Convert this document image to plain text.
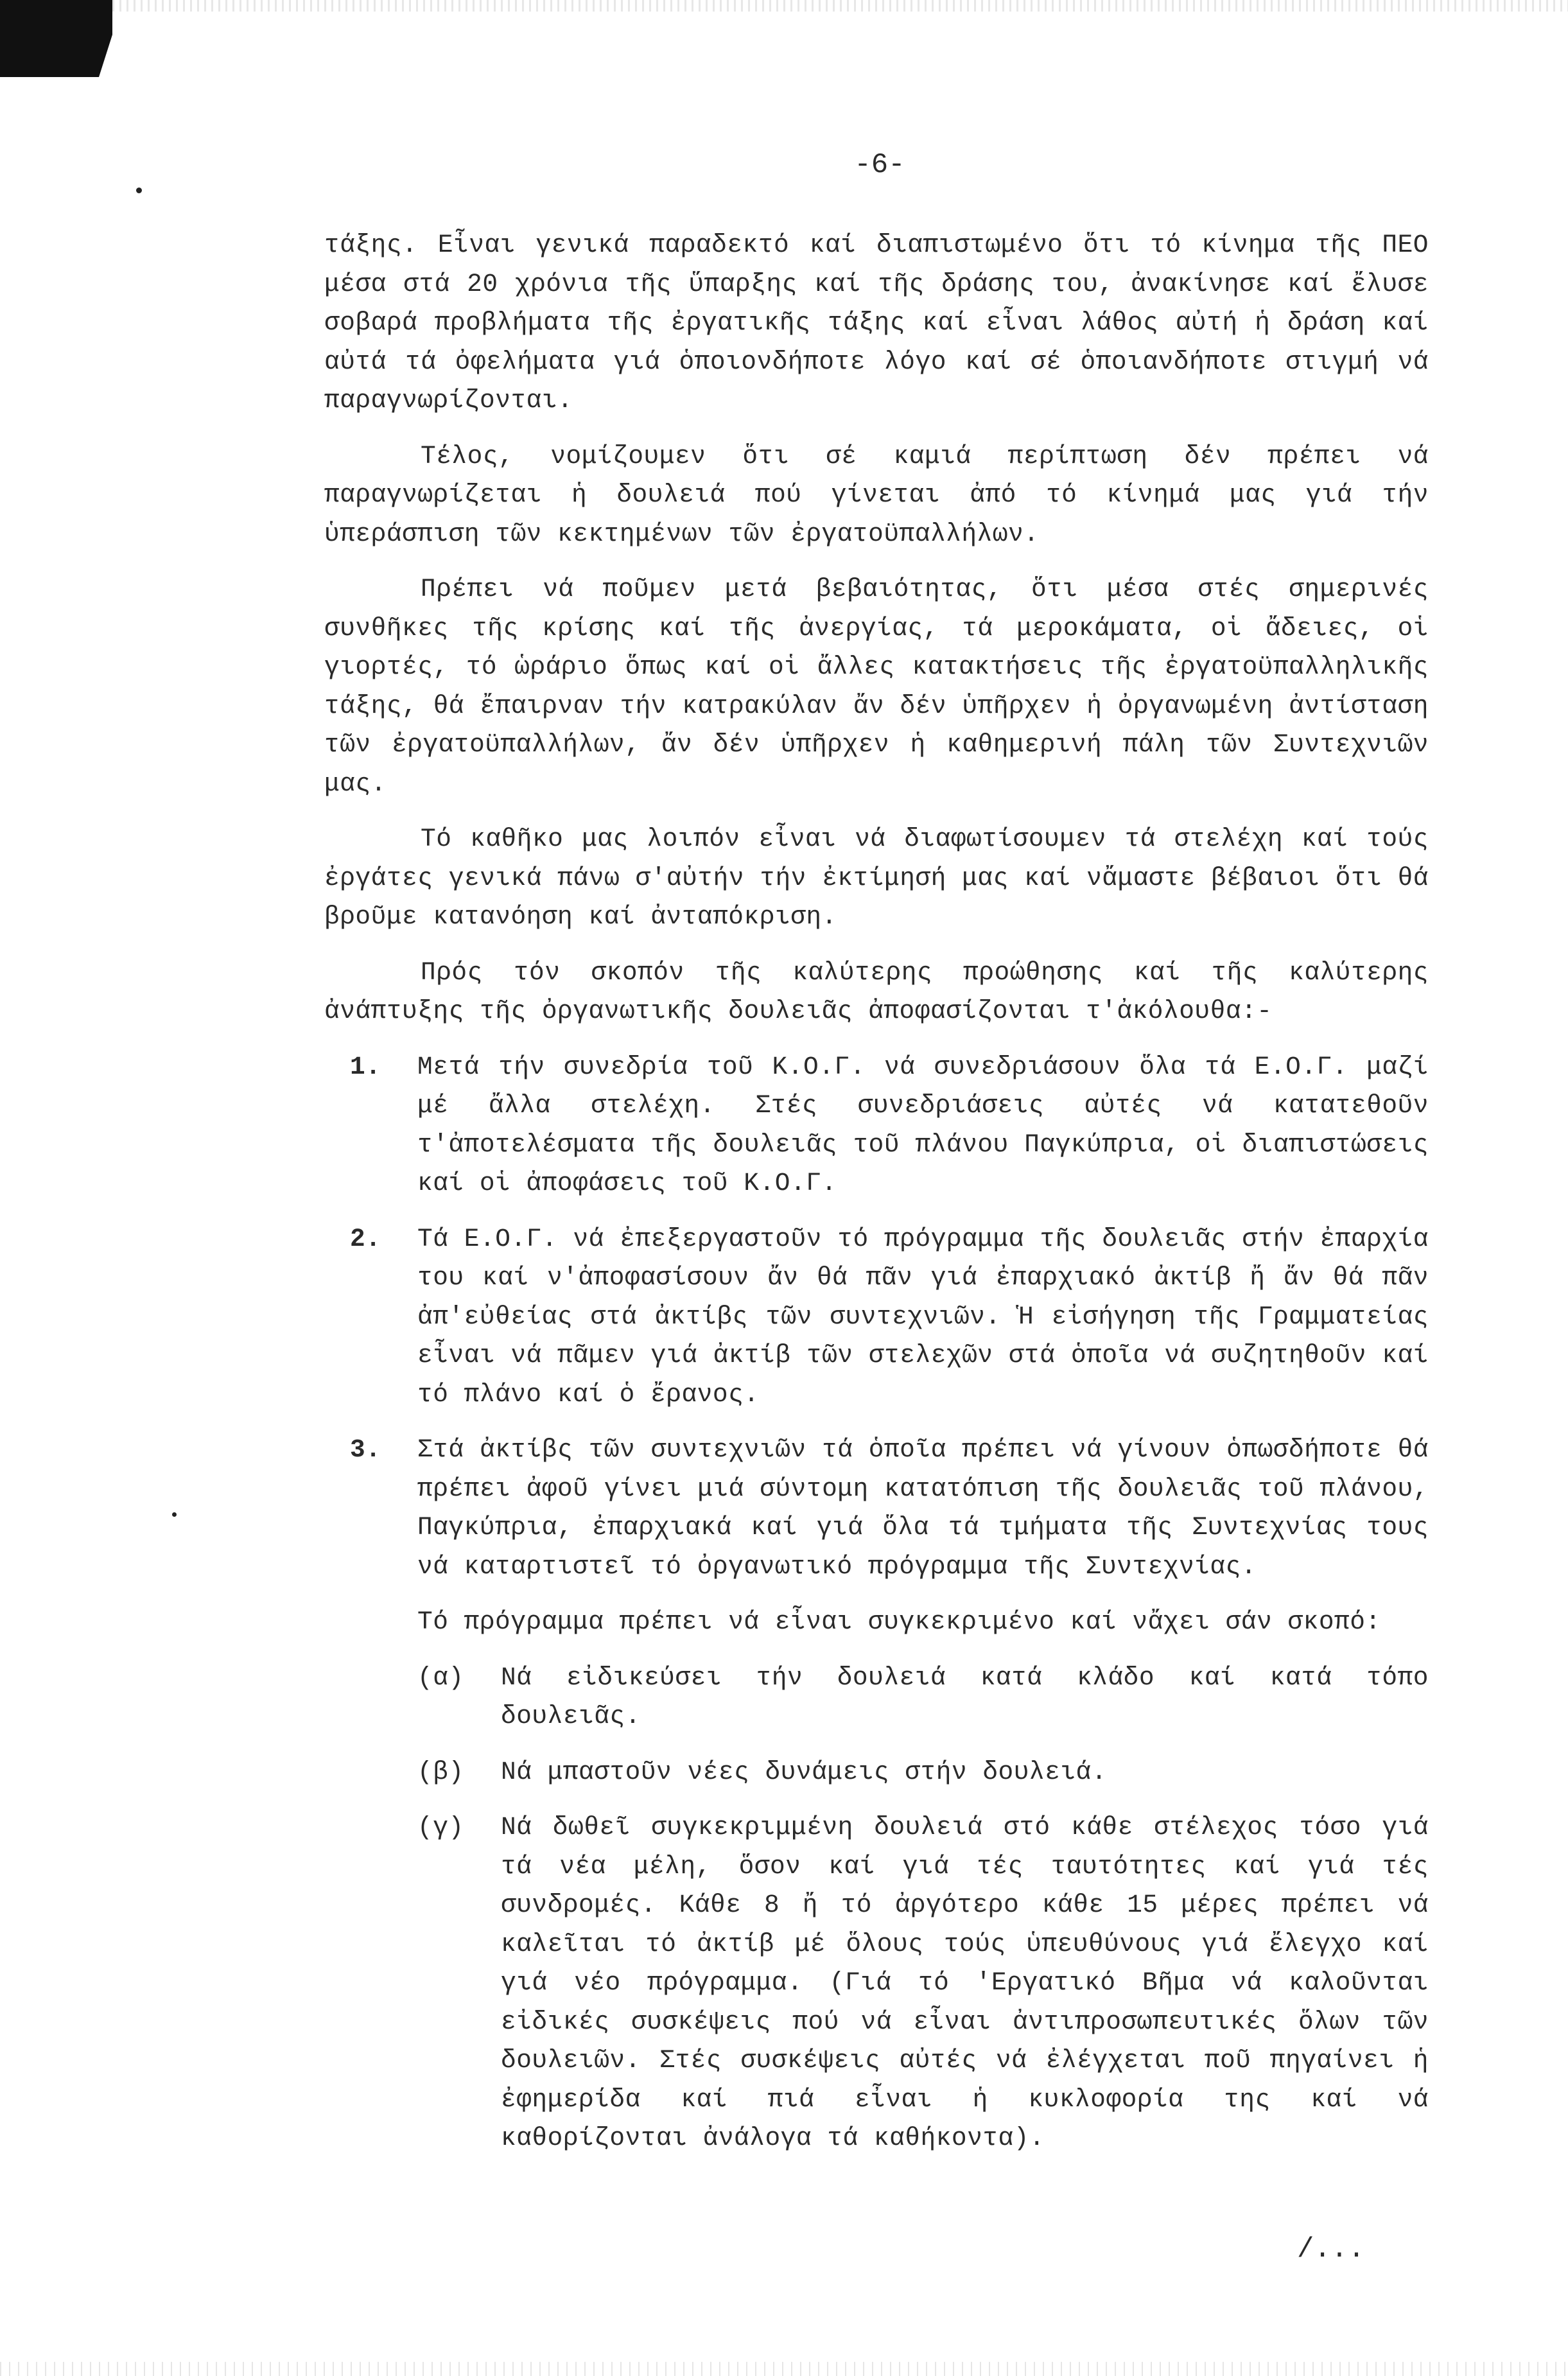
-6-

τάξης. Εἶναι γενικά παραδεκτό καί διαπιστωμένο ὅτι τό κίνημα τῆς ΠΕΟ μέσα στά 20 χρόνια τῆς ὕπαρξης καί τῆς δράσης του, ἀνακίνησε καί ἔλυσε σοβαρά προβλήματα τῆς ἐργατικῆς τάξης καί εἶναι λάθος αὐτή ἡ δράση καί αὐτά τά ὀφελήματα γιά ὁποιονδήποτε λόγο καί σέ ὁποιανδήποτε στιγμή νά παραγνωρίζονται.

Τέλος, νομίζουμεν ὅτι σέ καμιά περίπτωση δέν πρέπει νά παραγνωρίζεται ἡ δουλειά πού γίνεται ἀπό τό κίνημά μας γιά τήν ὑπεράσπιση τῶν κεκτημένων τῶν ἐργατοϋπαλλήλων.

Πρέπει νά ποῦμεν μετά βεβαιότητας, ὅτι μέσα στές σημερινές συνθῆκες τῆς κρίσης καί τῆς ἀνεργίας, τά μεροκάματα, οἱ ἄδειες, οἱ γιορτές, τό ὡράριο ὅπως καί οἱ ἄλλες κατακτήσεις τῆς ἐργατοϋπαλληλικῆς τάξης, θά ἔπαιρναν τήν κατρακύλαν ἄν δέν ὑπῆρχεν ἡ ὀργανωμένη ἀντίσταση τῶν ἐργατοϋπαλλήλων, ἄν δέν ὑπῆρχεν ἡ καθημερινή πάλη τῶν Συντεχνιῶν μας.

Τό καθῆκο μας λοιπόν εἶναι νά διαφωτίσουμεν τά στελέχη καί τούς ἐργάτες γενικά πάνω σ'αὐτήν τήν ἐκτίμησή μας καί νἄμαστε βέβαιοι ὅτι θά βροῦμε κατανόηση καί ἀνταπόκριση.

Πρός τόν σκοπόν τῆς καλύτερης προώθησης καί τῆς καλύτερης ἀνάπτυξης τῆς ὀργανωτικῆς δουλειᾶς ἀποφασίζονται τ'ἀκόλουθα:-

1.	Μετά τήν συνεδρία τοῦ Κ.Ο.Γ. νά συνεδριάσουν ὅλα τά Ε.Ο.Γ. μαζί μέ ἄλλα στελέχη. Στές συνεδριάσεις αὐτές νά κατατεθοῦν τ'ἀποτελέσματα τῆς δουλειᾶς τοῦ πλάνου Παγκύπρια, οἱ διαπιστώσεις καί οἱ ἀποφάσεις τοῦ Κ.Ο.Γ.
2.	Τά Ε.Ο.Γ. νά ἐπεξεργαστοῦν τό πρόγραμμα τῆς δουλειᾶς στήν ἐπαρχία του καί ν'ἀποφασίσουν ἄν θά πᾶν γιά ἐπαρχιακό ἀκτίβ ἤ ἄν θά πᾶν ἀπ'εὐθείας στά ἀκτίβς τῶν συντεχνιῶν. Ἡ εἰσήγηση τῆς Γραμματείας εἶναι νά πᾶμεν γιά ἀκτίβ τῶν στελεχῶν στά ὁποῖα νά συζητηθοῦν καί τό πλάνο καί ὁ ἔρανος.
3.	Στά ἀκτίβς τῶν συντεχνιῶν τά ὁποῖα πρέπει νά γίνουν ὁπωσδήποτε θά πρέπει ἀφοῦ γίνει μιά σύντομη κατατόπιση τῆς δουλειᾶς τοῦ πλάνου, Παγκύπρια, ἐπαρχιακά καί γιά ὅλα τά τμήματα τῆς Συντεχνίας τους νά καταρτιστεῖ τό ὀργανωτικό πρόγραμμα τῆς Συντεχνίας.
Τό πρόγραμμα πρέπει νά εἶναι συγκεκριμένο καί νἄχει σάν σκοπό:
(α)	Νά εἰδικεύσει τήν δουλειά κατά κλάδο καί κατά τόπο δουλειᾶς.
(β)	Νά μπαστοῦν νέες δυνάμεις στήν δουλειά.
(γ)	Νά δωθεῖ συγκεκριμμένη δουλειά στό κάθε στέλεχος τόσο γιά τά νέα μέλη, ὅσον καί γιά τές ταυτότητες καί γιά τές συνδρομές. Κάθε 8 ἤ τό ἀργότερο κάθε 15 μέρες πρέπει νά καλεῖται τό ἀκτίβ μέ ὅλους τούς ὑπευθύνους γιά ἔλεγχο καί γιά νέο πρόγραμμα. (Γιά τό 'Εργατικό Βῆμα νά καλοῦνται εἰδικές συσκέψεις πού νά εἶναι ἀντιπροσωπευτικές ὅλων τῶν δουλειῶν. Στές συσκέψεις αὐτές νά ἐλέγχεται ποῦ πηγαίνει ἡ ἐφημερίδα καί πιά εἶναι ἡ κυκλοφορία της καί νά καθορίζονται ἀνάλογα τά καθήκοντα).
/...
